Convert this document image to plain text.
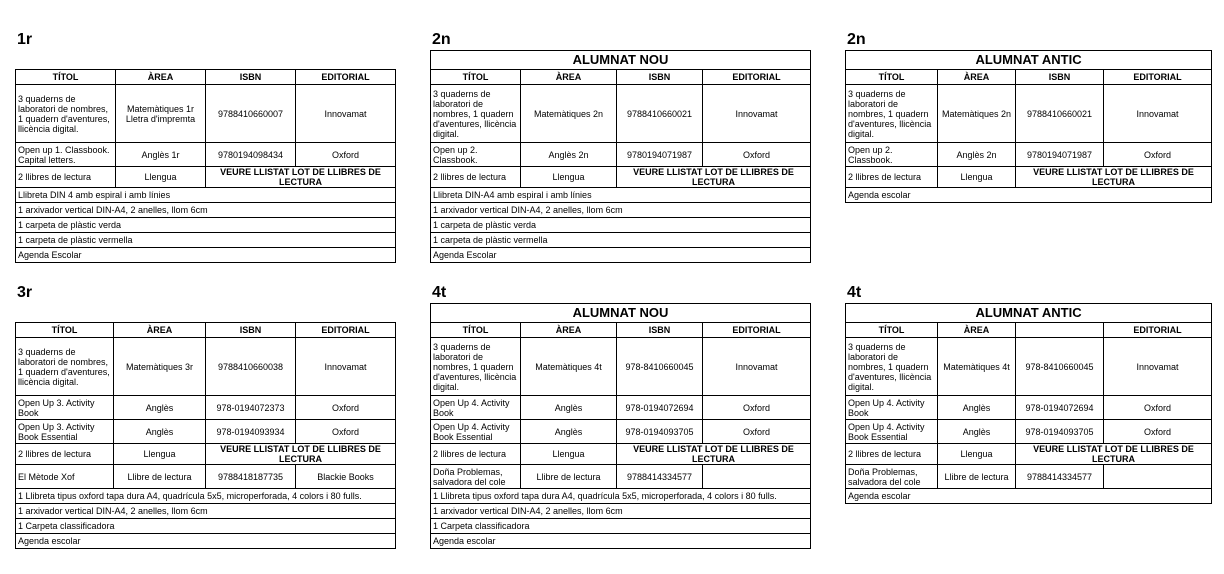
1r
TÍTOL	ÀREA	ISBN	EDITORIAL
3 quaderns de laboratori de nombres, 1 quadern d'aventures, llicència digital.	Matemàtiques 1r Lletra d'impremta	9788410660007	Innovamat
Open up 1. Classbook. Capital letters.	Anglès 1r	9780194098434	Oxford
2 llibres de lectura	Llengua	VEURE LLISTAT LOT DE LLIBRES DE LECTURA	
Llibreta DIN 4 amb espiral i amb línies			
1 arxivador vertical DIN-A4, 2 anelles, llom 6cm			
1 carpeta de plàstic verda			
1 carpeta de plàstic vermella			
Agenda Escolar			
2n
ALUMNAT NOU			
TÍTOL	ÀREA	ISBN	EDITORIAL
3 quaderns de laboratori de nombres, 1 quadern d'aventures, llicència digital.	Matemàtiques 2n	9788410660021	Innovamat
Open up 2. Classbook.	Anglès 2n	9780194071987	Oxford
2 llibres de lectura	Llengua	VEURE LLISTAT LOT DE LLIBRES DE LECTURA	
Llibreta DIN-A4 amb espiral i amb línies			
1 arxivador vertical DIN-A4, 2 anelles, llom 6cm			
1 carpeta de plàstic verda			
1 carpeta de plàstic vermella			
Agenda Escolar			
2n
ALUMNAT ANTIC			
TÍTOL	ÀREA	ISBN	EDITORIAL
3 quaderns de laboratori de nombres, 1 quadern d'aventures, llicència digital.	Matemàtiques 2n	9788410660021	Innovamat
Open up 2. Classbook.	Anglès 2n	9780194071987	Oxford
2 llibres de lectura	Llengua	VEURE LLISTAT LOT DE LLIBRES DE LECTURA	
Agenda escolar			
3r
TÍTOL	ÀREA	ISBN	EDITORIAL
3 quaderns de laboratori de nombres, 1 quadern d'aventures, llicència digital.	Matemàtiques 3r	9788410660038	Innovamat
Open Up 3. Activity Book	Anglès	978-0194072373	Oxford
Open Up 3. Activity Book Essential	Anglès	978-0194093934	Oxford
2 llibres de lectura	Llengua	VEURE LLISTAT LOT DE LLIBRES DE LECTURA	
El Mètode Xof	Llibre de lectura	9788418187735	Blackie Books
1 Llibreta tipus oxford tapa dura A4, quadrícula 5x5, microperforada, 4 colors i 80 fulls.			
1 arxivador vertical DIN-A4, 2 anelles, llom 6cm			
1 Carpeta classificadora			
Agenda escolar			
4t
ALUMNAT NOU			
TÍTOL	ÀREA	ISBN	EDITORIAL
3 quaderns de laboratori de nombres, 1 quadern d'aventures, llicència digital.	Matemàtiques 4t	978-8410660045	Innovamat
Open Up 4. Activity Book	Anglès	978-0194072694	Oxford
Open Up 4. Activity Book Essential	Anglès	978-0194093705	Oxford
2 llibres de lectura	Llengua	VEURE LLISTAT LOT DE LLIBRES DE LECTURA	
Doña Problemas, salvadora del cole	Llibre de lectura	9788414334577	
1 Llibreta tipus oxford tapa dura A4, quadrícula 5x5, microperforada, 4 colors i 80 fulls.			
1 arxivador vertical DIN-A4, 2 anelles, llom 6cm			
1 Carpeta classificadora			
Agenda escolar			
4t
ALUMNAT ANTIC			
TÍTOL	ÀREA		EDITORIAL
3 quaderns de laboratori de nombres, 1 quadern d'aventures, llicència digital.	Matemàtiques 4t	978-8410660045	Innovamat
Open Up 4. Activity Book	Anglès	978-0194072694	Oxford
Open Up 4. Activity Book Essential	Anglès	978-0194093705	Oxford
2 llibres de lectura	Llengua	VEURE LLISTAT LOT DE LLIBRES DE LECTURA	
Doña Problemas, salvadora del cole	Llibre de lectura	9788414334577	
Agenda escolar			
